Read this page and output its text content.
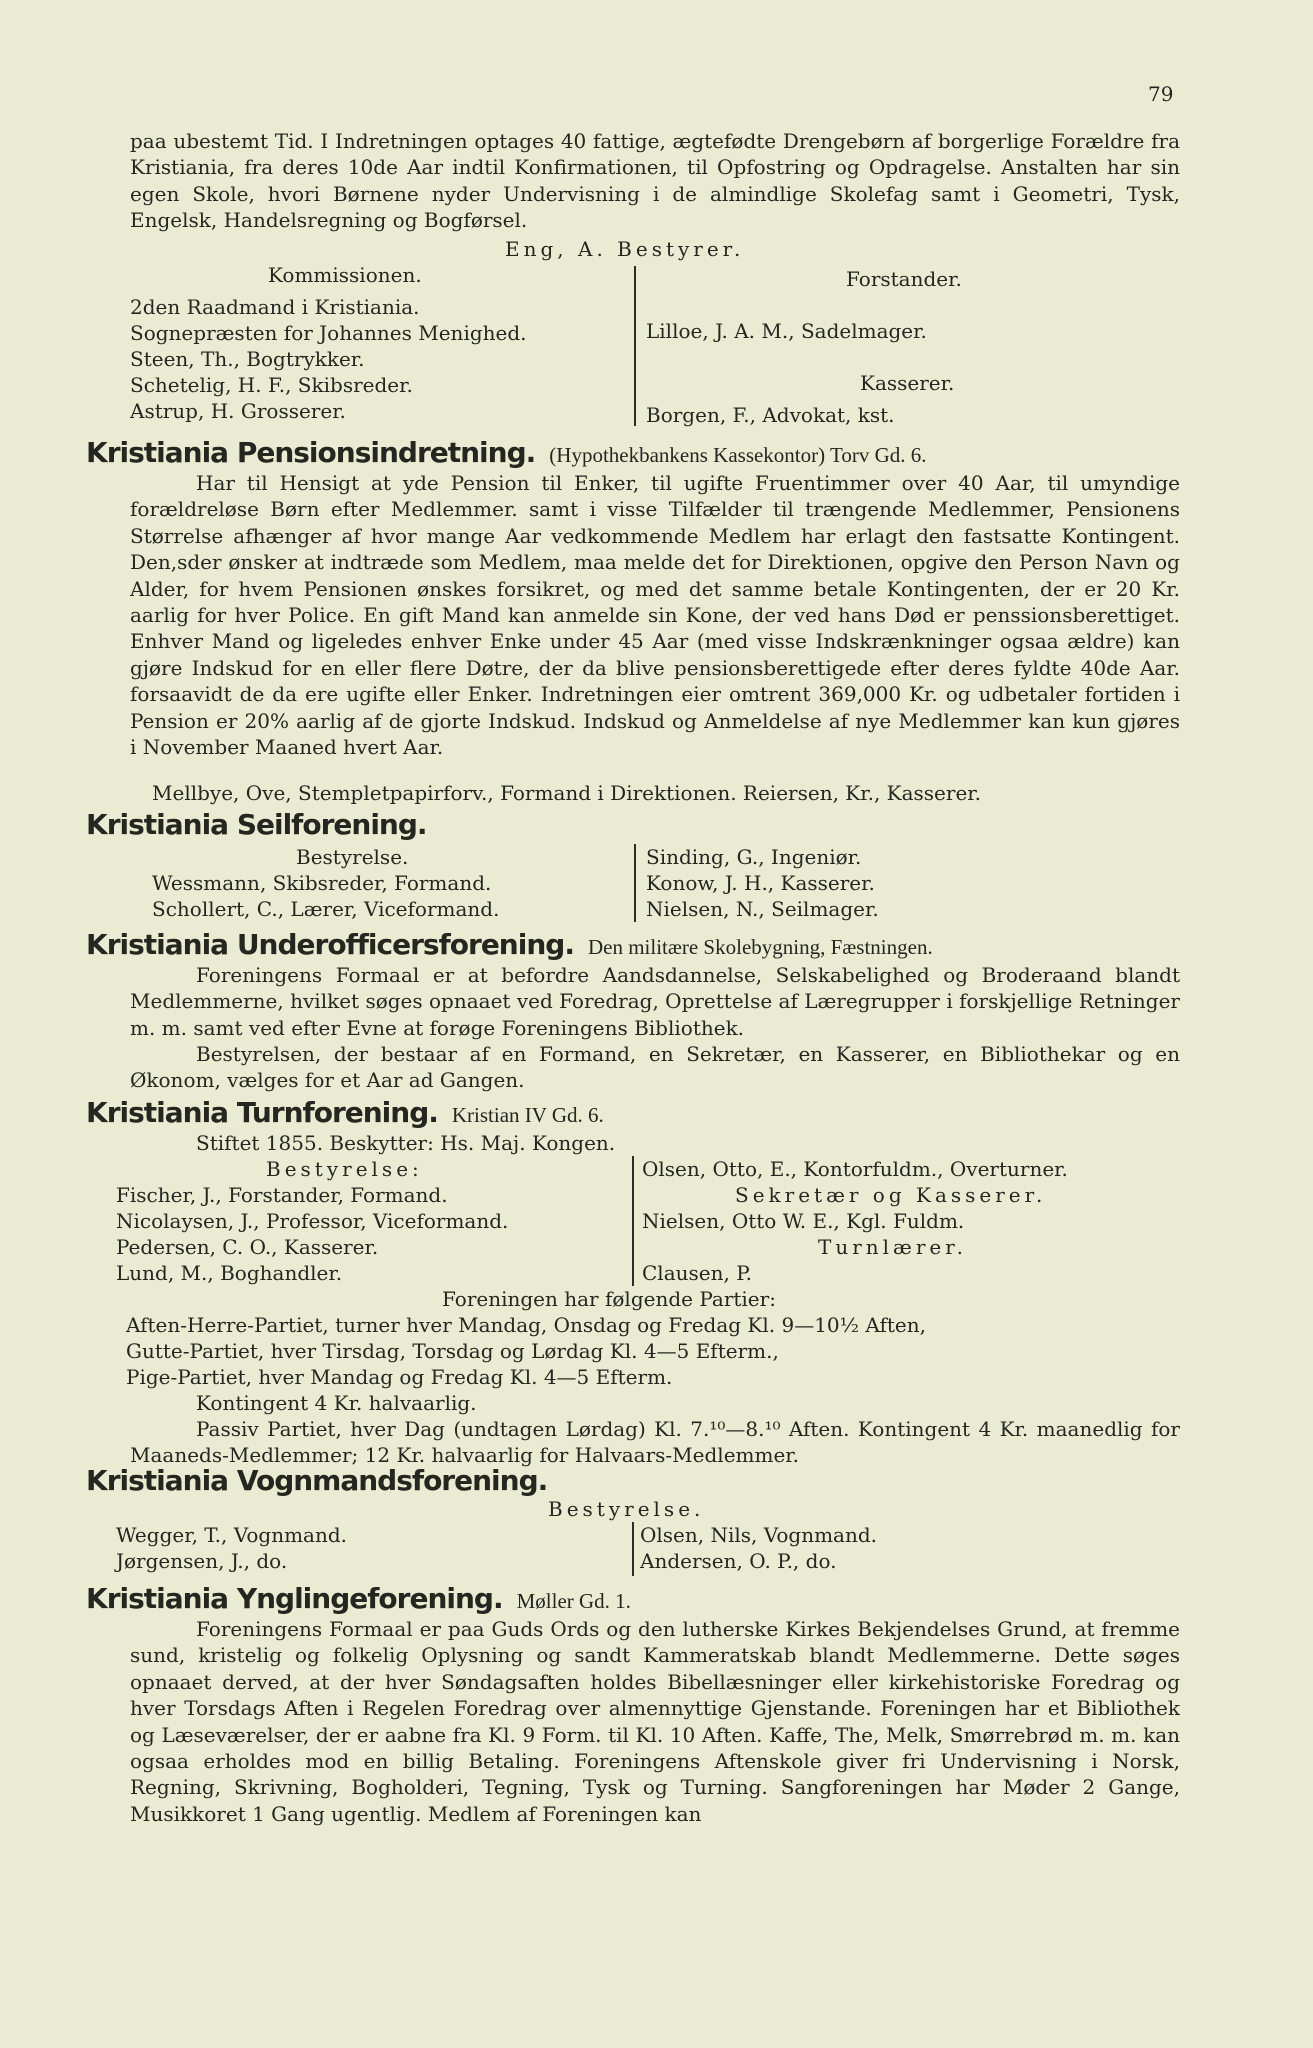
79

paa ubestemt Tid. I Indretningen optages 40 fattige, ægtefødte Drengebørn af borgerlige Forældre fra Kristiania, fra deres 10de Aar indtil Konfirmationen, til Opfostring og Opdragelse. Anstalten har sin egen Skole, hvori Børnene nyder Undervisning i de almindlige Skolefag samt i Geometri, Tysk, Engelsk, Handelsregning og Bogførsel.

Eng, A. Bestyrer.
Kommissionen.
2den Raadmand i Kristiania.
Sognepræsten for Johannes Menighed.
Steen, Th., Bogtrykker.
Schetelig, H. F., Skibsreder.
Astrup, H. Grosserer.
Forstander.
Lilloe, J. A. M., Sadelmager.
Kasserer.
Borgen, F., Advokat, kst.
Kristiania Pensionsindretning. (Hypothekbankens Kassekontor) Torv Gd. 6.

Har til Hensigt at yde Pension til Enker, til ugifte Fruentimmer over 40 Aar, til umyndige forældreløse Børn efter Medlemmer. samt i visse Tilfælder til trængende Medlemmer, Pensionens Størrelse afhænger af hvor mange Aar vedkommende Medlem har erlagt den fastsatte Kontingent. Den,sder ønsker at indtræde som Medlem, maa melde det for Direktionen, opgive den Person Navn og Alder, for hvem Pensionen ønskes forsikret, og med det samme betale Kontingenten, der er 20 Kr. aarlig for hver Police. En gift Mand kan anmelde sin Kone, der ved hans Død er penssionsberettiget. Enhver Mand og ligeledes enhver Enke under 45 Aar (med visse Indskrænkninger ogsaa ældre) kan gjøre Indskud for en eller flere Døtre, der da blive pensionsberettigede efter deres fyldte 40de Aar. forsaavidt de da ere ugifte eller Enker. Indretningen eier omtrent 369,000 Kr. og udbetaler fortiden i Pension er 20% aarlig af de gjorte Indskud. Indskud og Anmeldelse af nye Medlemmer kan kun gjøres i November Maaned hvert Aar.

Mellbye, Ove, Stempletpapirforv., Formand i Direktionen. Reiersen, Kr., Kasserer.
Kristiania Seilforening.
Bestyrelse.
Wessmann, Skibsreder, Formand.
Schollert, C., Lærer, Viceformand.
Sinding, G., Ingeniør.
Konow, J. H., Kasserer.
Nielsen, N., Seilmager.
Kristiania Underofficersforening. Den militære Skolebygning, Fæstningen.

Foreningens Formaal er at befordre Aandsdannelse, Selskabelighed og Broderaand blandt Medlemmerne, hvilket søges opnaaet ved Foredrag, Oprettelse af Læregrupper i forskjellige Retninger m. m. samt ved efter Evne at forøge Foreningens Bibliothek.

Bestyrelsen, der bestaar af en Formand, en Sekretær, en Kasserer, en Bibliothekar og en Økonom, vælges for et Aar ad Gangen.

Kristiania Turnforening. Kristian IV Gd. 6.
Stiftet 1855. Beskytter: Hs. Maj. Kongen.
Bestyrelse:
Fischer, J., Forstander, Formand.
Nicolaysen, J., Professor, Viceformand.
Pedersen, C. O., Kasserer.
Lund, M., Boghandler.
Olsen, Otto, E., Kontorfuldm., Overturner.
Sekretær og Kasserer.
Nielsen, Otto W. E., Kgl. Fuldm.
Turnlærer.
Clausen, P.
Foreningen har følgende Partier:
Aften-Herre-Partiet, turner hver Mandag, Onsdag og Fredag Kl. 9—10½ Aften,
Gutte-Partiet, hver Tirsdag, Torsdag og Lørdag Kl. 4—5 Efterm.,
Pige-Partiet, hver Mandag og Fredag Kl. 4—5 Efterm.
Kontingent 4 Kr. halvaarlig.

Passiv Partiet, hver Dag (undtagen Lørdag) Kl. 7.¹⁰—8.¹⁰ Aften. Kontingent 4 Kr. maanedlig for Maaneds-Medlemmer; 12 Kr. halvaarlig for Halvaars-Medlemmer.

Kristiania Vognmandsforening.
Bestyrelse.
Wegger, T., Vognmand.
Jørgensen, J., do.
Olsen, Nils, Vognmand.
Andersen, O. P., do.
Kristiania Ynglingeforening. Møller Gd. 1.

Foreningens Formaal er paa Guds Ords og den lutherske Kirkes Bekjendelses Grund, at fremme sund, kristelig og folkelig Oplysning og sandt Kammeratskab blandt Medlemmerne. Dette søges opnaaet derved, at der hver Søndagsaften holdes Bibellæsninger eller kirkehistoriske Foredrag og hver Torsdags Aften i Regelen Foredrag over almennyttige Gjenstande. Foreningen har et Bibliothek og Læseværelser, der er aabne fra Kl. 9 Form. til Kl. 10 Aften. Kaffe, The, Melk, Smørrebrød m. m. kan ogsaa erholdes mod en billig Betaling. Foreningens Aftenskole giver fri Undervisning i Norsk, Regning, Skrivning, Bogholderi, Tegning, Tysk og Turning. Sangforeningen har Møder 2 Gange, Musikkoret 1 Gang ugentlig. Medlem af Foreningen kan
